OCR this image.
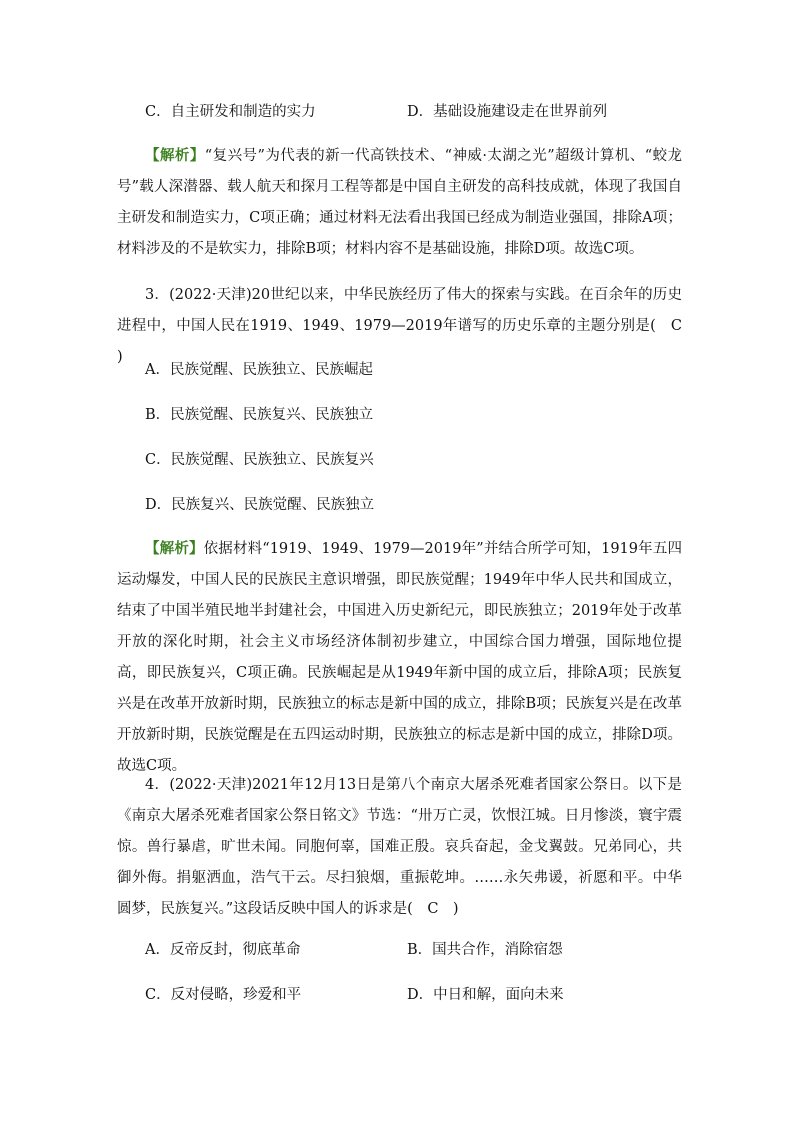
C．自主研发和制造的实力	D．基础设施建设走在世界前列
【解析】“复兴号”为代表的新一代高铁技术、“神威·太湖之光”超级计算机、“蛟龙号”载人深潜器、载人航天和探月工程等都是中国自主研发的高科技成就，体现了我国自主研发和制造实力，C项正确；通过材料无法看出我国已经成为制造业强国，排除A项；材料涉及的不是软实力，排除B项；材料内容不是基础设施，排除D项。故选C项。
3．(2022·天津)20世纪以来，中华民族经历了伟大的探索与实践。在百余年的历史进程中，中国人民在1919、1949、1979—2019年谱写的历史乐章的主题分别是(　C　)
A．民族觉醒、民族独立、民族崛起
B．民族觉醒、民族复兴、民族独立
C．民族觉醒、民族独立、民族复兴
D．民族复兴、民族觉醒、民族独立
【解析】依据材料“1919、1949、1979—2019年”并结合所学可知，1919年五四运动爆发，中国人民的民族民主意识增强，即民族觉醒；1949年中华人民共和国成立，结束了中国半殖民地半封建社会，中国进入历史新纪元，即民族独立；2019年处于改革开放的深化时期，社会主义市场经济体制初步建立，中国综合国力增强，国际地位提高，即民族复兴，C项正确。民族崛起是从1949年新中国的成立后，排除A项；民族复兴是在改革开放新时期，民族独立的标志是新中国的成立，排除B项；民族复兴是在改革开放新时期，民族觉醒是在五四运动时期，民族独立的标志是新中国的成立，排除D项。故选C项。
4．(2022·天津)2021年12月13日是第八个南京大屠杀死难者国家公祭日。以下是《南京大屠杀死难者国家公祭日铭文》节选：“卅万亡灵，饮恨江城。日月惨淡，寰宇震惊。兽行暴虐，旷世未闻。同胞何辜，国难正殷。哀兵奋起，金戈翼鼓。兄弟同心，共御外侮。捐躯洒血，浩气干云。尽扫狼烟，重振乾坤。……永矢弗谖，祈愿和平。中华圆梦，民族复兴。”这段话反映中国人的诉求是(　C　)
A．反帝反封，彻底革命	B．国共合作，消除宿怨
C．反对侵略，珍爱和平	D．中日和解，面向未来
